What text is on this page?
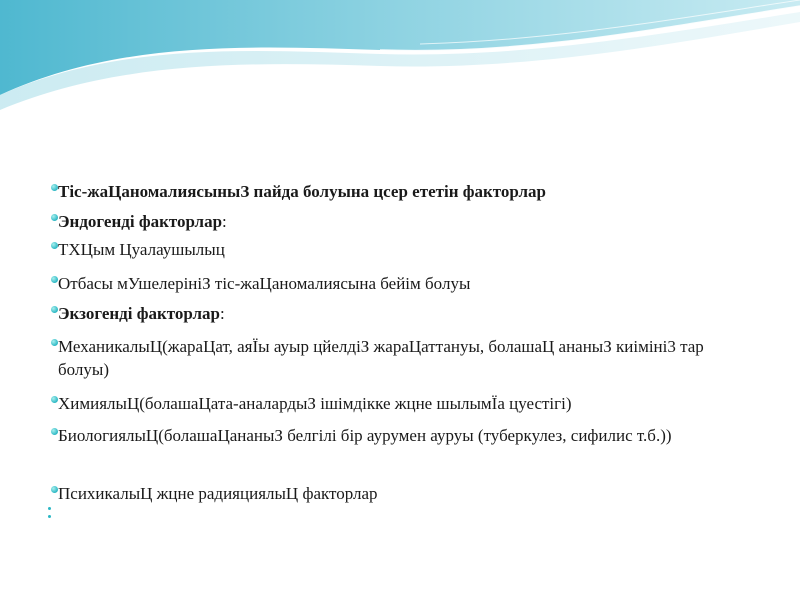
Тіс-жаЦаномалиясыныЗ пайда болуына цсер ететін факторлар
Эндогенді факторлар:
ТХЦым Цуалаушылыц
Отбасы мУшелерініЗ тіс-жаЦаномалиясына бейім болуы
Экзогенді факторлар:
МеханикалыЦ(жараЦат, аяЇы ауыр цйелдіЗ жараЦаттануы, болашаЦ ананыЗ киіміні3 тар болуы)
ХимиялыЦ(болашаЦата-аналардыЗ ішімдікке жцне шылымЇа цуестігі)
БиологиялыЦ(болашаЦананыЗ белгілі бір аурумен ауруы (туберкулез, сифилис т.б.))
ПсихикалыЦ жцне радияциялыЦ факторлар
